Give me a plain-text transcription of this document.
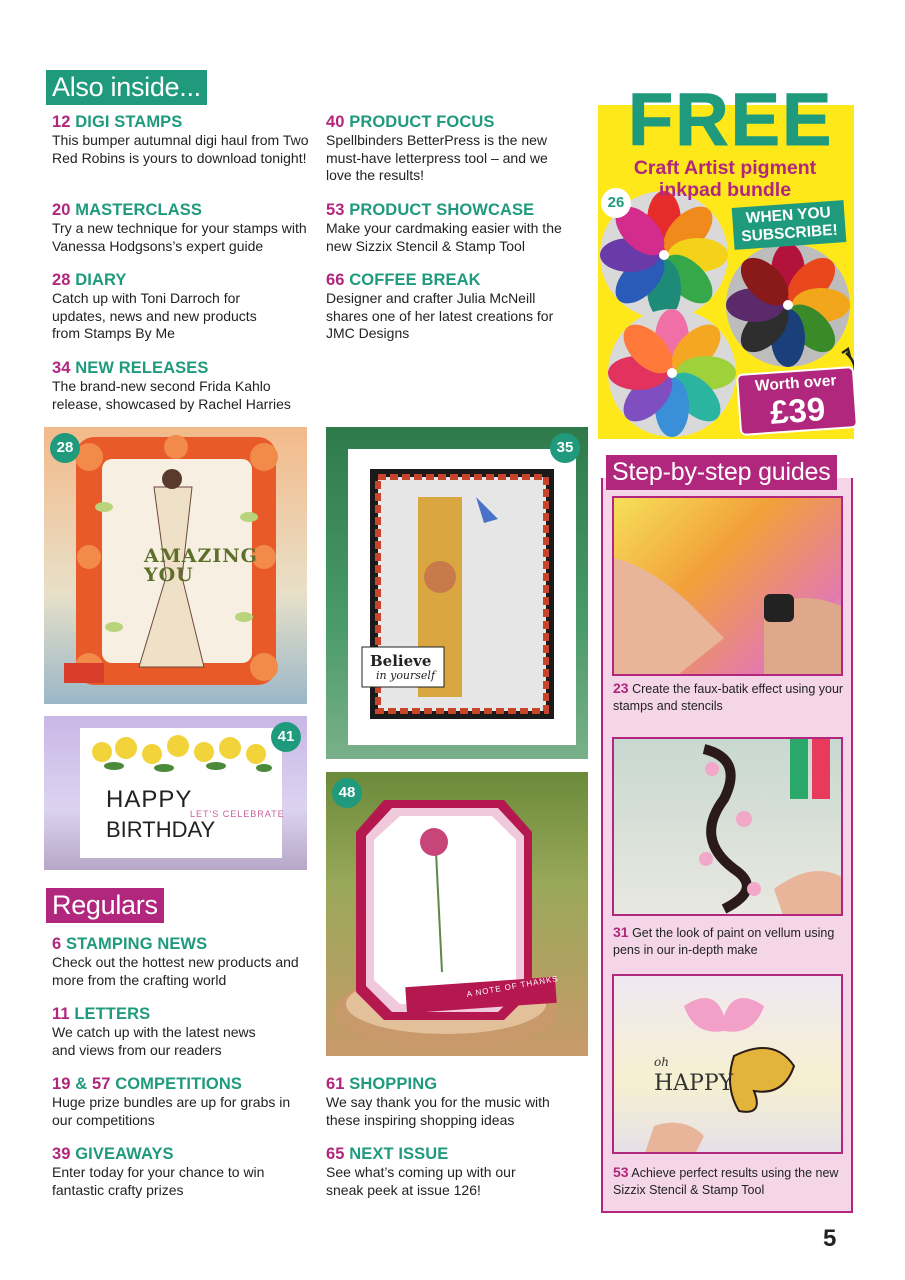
Also inside...
12 DIGI STAMPS
This bumper autumnal digi haul from Two Red Robins is yours to download tonight!
20 MASTERCLASS
Try a new technique for your stamps with Vanessa Hodgsons’s expert guide
28 DIARY
Catch up with Toni Darroch for updates, news and new products from Stamps By Me
34 NEW RELEASES
The brand-new second Frida Kahlo release, showcased by Rachel Harries
40 PRODUCT FOCUS
Spellbinders BetterPress is the new must-have letterpress tool – and we love the results!
53 PRODUCT SHOWCASE
Make your cardmaking easier with the new Sizzix Stencil & Stamp Tool
66 COFFEE BREAK
Designer and crafter Julia McNeill shares one of her latest creations for JMC Designs
FREE
Craft Artist pigment inkpad bundle
26
WHEN YOU SUBSCRIBE!
Worth over
£39
AMAZING YOU
28
Believe
in yourself
35
HAPPY
LET'S CELEBRATE
BIRTHDAY
41
A NOTE OF THANKS
48
Step-by-step guides
23 Create the faux-batik effect using your stamps and stencils
31 Get the look of paint on vellum using pens in our in-depth make
oh
HAPPY
53 Achieve perfect results using the new Sizzix Stencil & Stamp Tool
Regulars
6 STAMPING NEWS
Check out the hottest new products and more from the crafting world
11 LETTERS
We catch up with the latest news and views from our readers
19 & 57 COMPETITIONS
Huge prize bundles are up for grabs in our competitions
39 GIVEAWAYS
Enter today for your chance to win fantastic crafty prizes
61 SHOPPING
We say thank you for the music with these inspiring shopping ideas
65 NEXT ISSUE
See what’s coming up with our sneak peek at issue 126!
5
